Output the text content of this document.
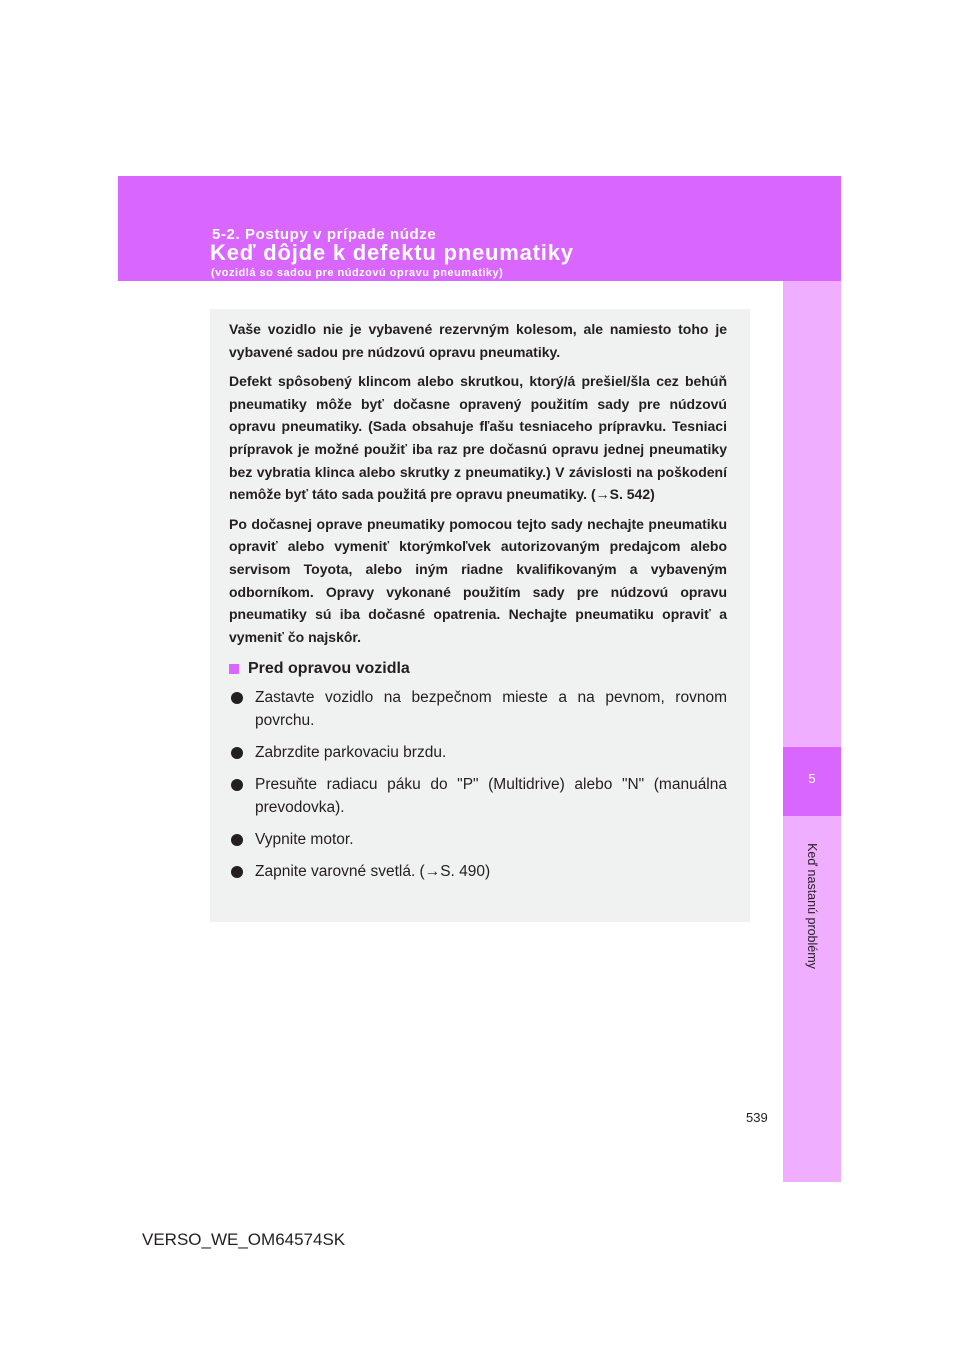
5-2. Postupy v prípade núdze
Keď dôjde k defektu pneumatiky
(vozidlá so sadou pre núdzovú opravu pneumatiky)
5
Keď nastanú problémy

Vaše vozidlo nie je vybavené rezervným kolesom, ale namiesto toho je vybavené sadou pre núdzovú opravu pneumatiky.

Defekt spôsobený klincom alebo skrutkou, ktorý/á prešiel/šla cez behúň pneumatiky môže byť dočasne opravený použitím sady pre núdzovú opravu pneumatiky. (Sada obsahuje fľašu tesniaceho prípravku. Tesniaci prípravok je možné použiť iba raz pre dočasnú opravu jednej pneumatiky bez vybratia klinca alebo skrutky z pneumatiky.) V závislosti na poškodení nemôže byť táto sada použitá pre opravu pneumatiky. (→S. 542)

Po dočasnej oprave pneumatiky pomocou tejto sady nechajte pneumatiku opraviť alebo vymeniť ktorýmkoľvek autorizovaným predajcom alebo servisom Toyota, alebo iným riadne kvalifikovaným a vybaveným odborníkom. Opravy vykonané použitím sady pre núdzovú opravu pneumatiky sú iba dočasné opatrenia. Nechajte pneumatiku opraviť a vymeniť čo najskôr.

Pred opravou vozidla
Zastavte vozidlo na bezpečnom mieste a na pevnom, rovnom povrchu.
Zabrzdite parkovaciu brzdu.
Presuňte radiacu páku do "P" (Multidrive) alebo "N" (manuálna prevodovka).
Vypnite motor.
Zapnite varovné svetlá. (→S. 490)
539
VERSO_WE_OM64574SK
